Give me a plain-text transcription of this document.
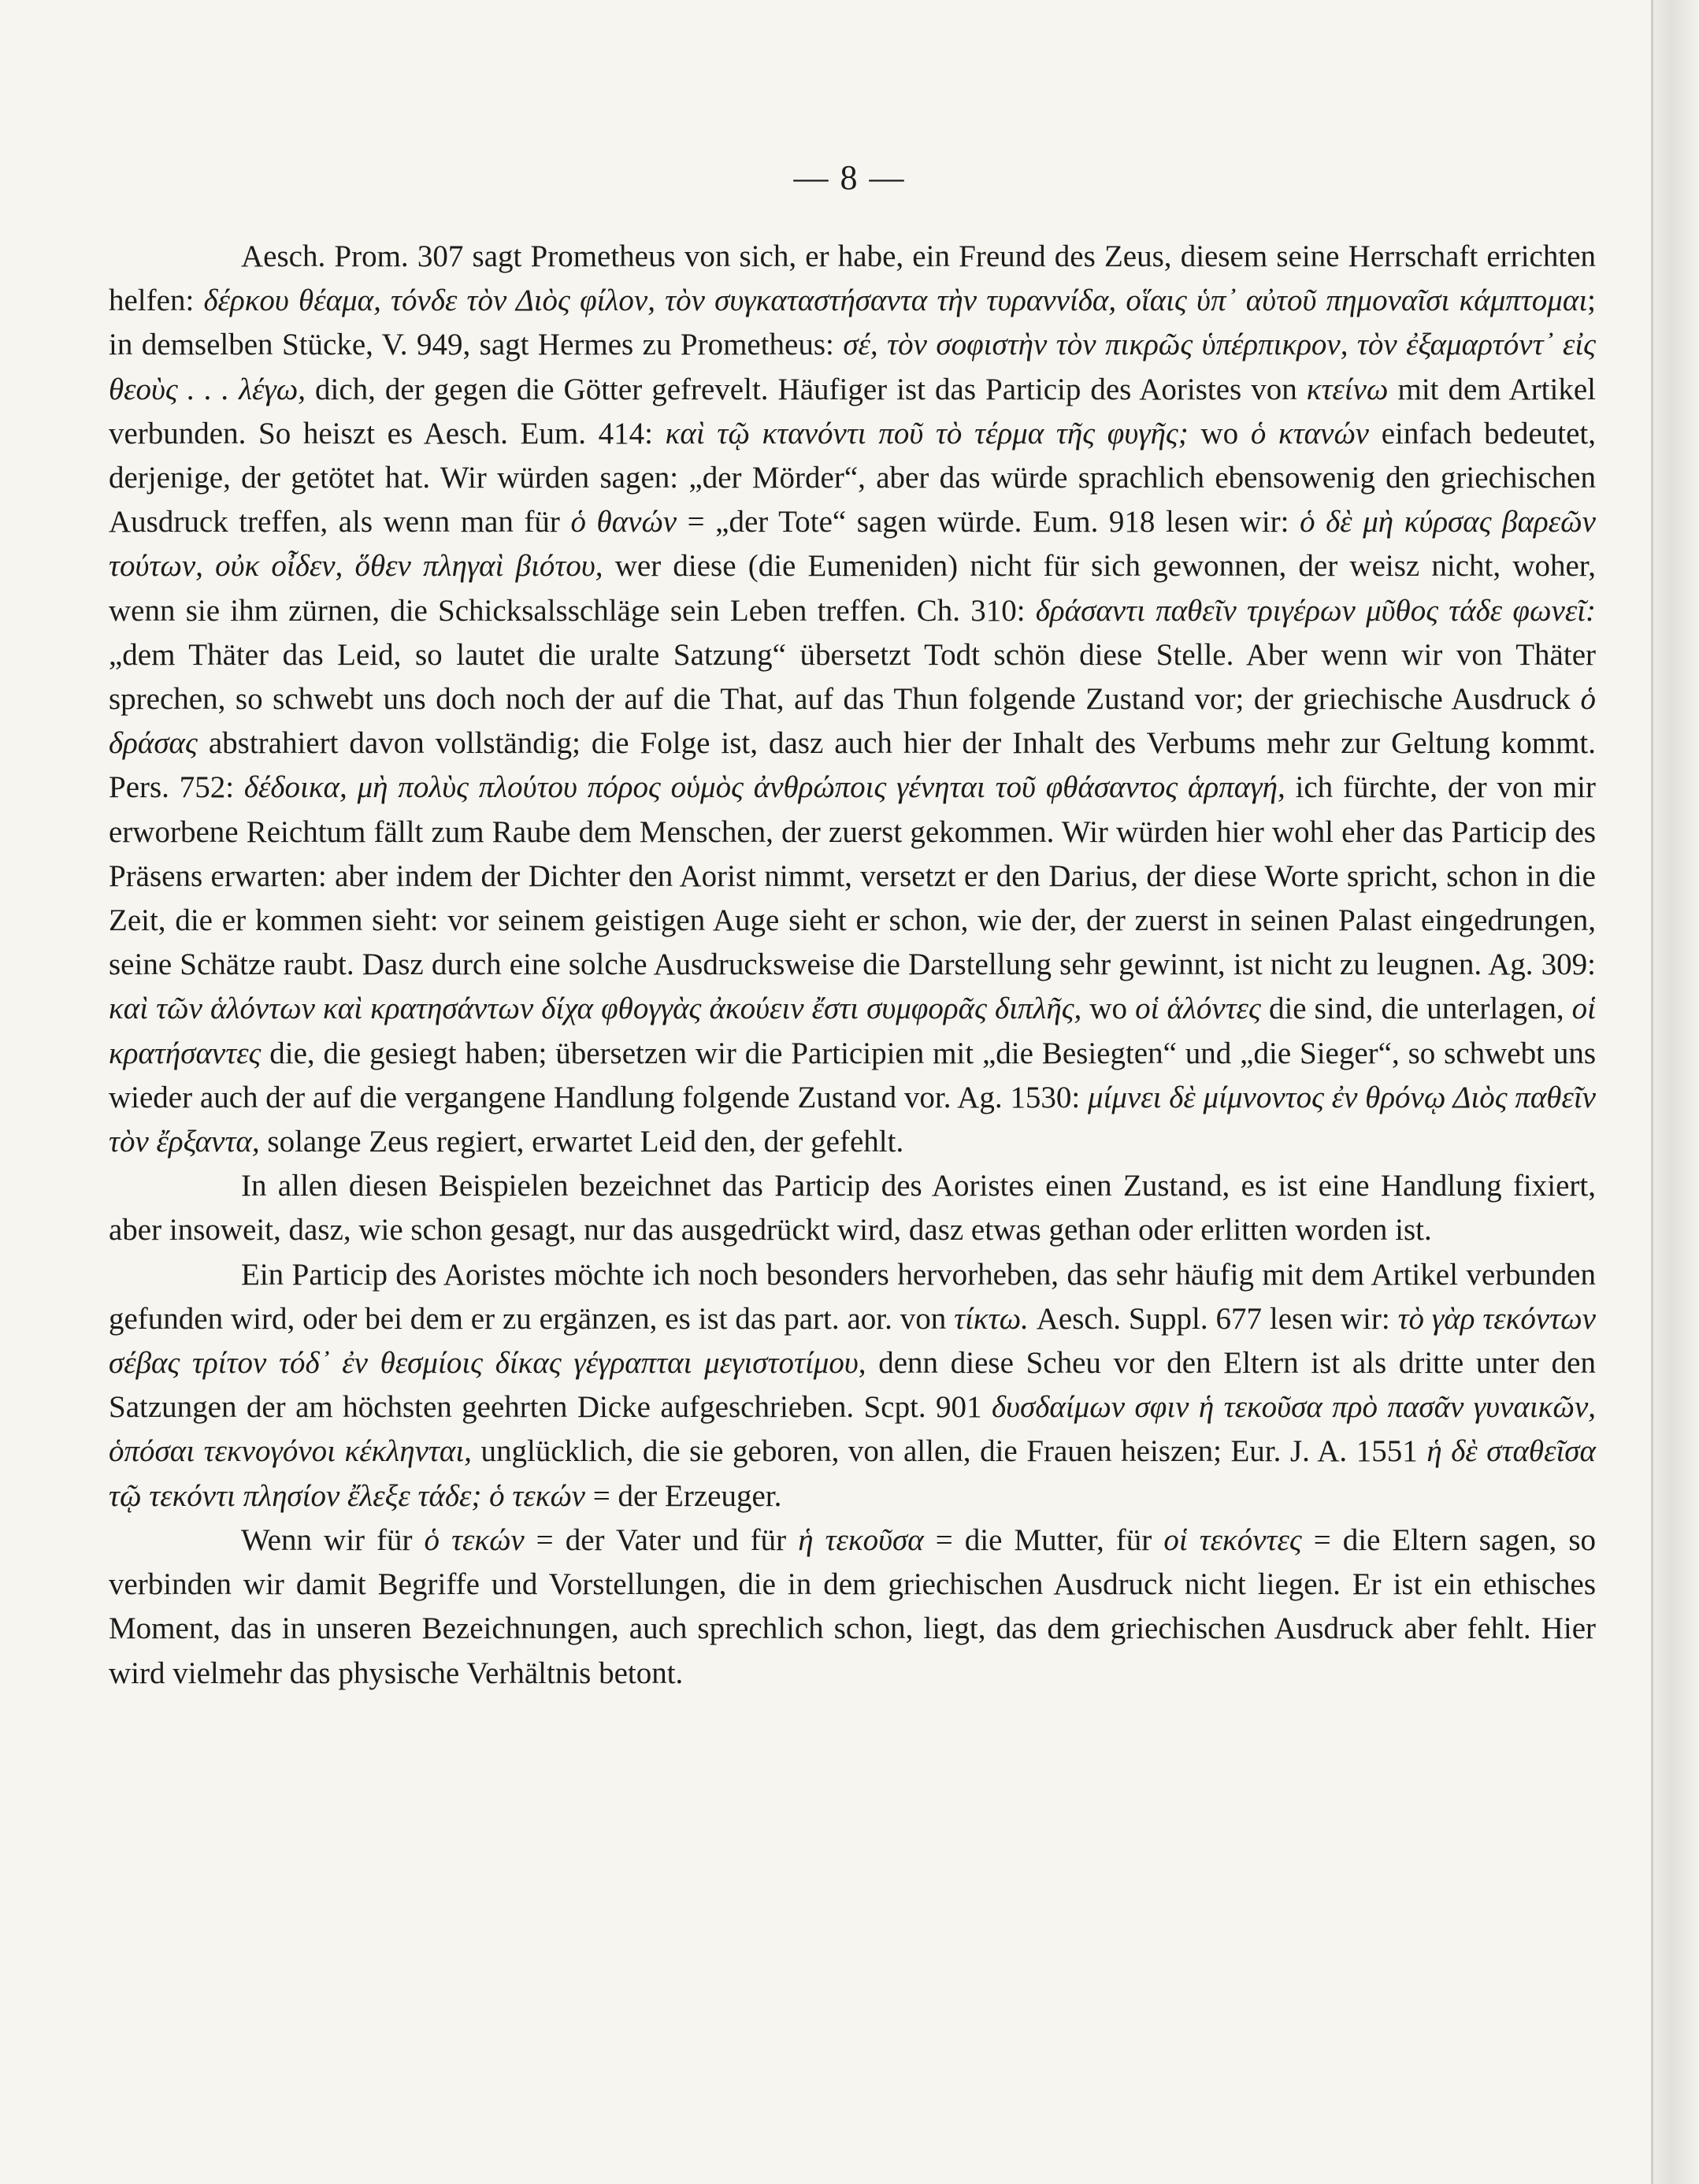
— 8 —

Aesch. Prom. 307 sagt Prometheus von sich, er habe, ein Freund des Zeus, diesem seine Herrschaft errichten helfen: δέρκου θέαμα, τόνδε τὸν Διὸς φίλον, τὸν συγκαταστήσαντα τὴν τυραννίδα, οἵαις ὑπ᾽ αὐτοῦ πημοναῖσι κάμπτομαι; in demselben Stücke, V. 949, sagt Hermes zu Prometheus: σέ, τὸν σοφιστὴν τὸν πικρῶς ὑπέρπικρον, τὸν ἐξαμαρτόντ᾽ εἰς θεοὺς . . . λέγω, dich, der gegen die Götter gefrevelt. Häufiger ist das Particip des Aoristes von κτείνω mit dem Artikel verbunden. So heiszt es Aesch. Eum. 414: καὶ τῷ κτανόντι ποῦ τὸ τέρμα τῆς φυγῆς; wo ὁ κτανών einfach bedeutet, derjenige, der getötet hat. Wir würden sagen: „der Mörder“, aber das würde sprachlich ebensowenig den griechischen Ausdruck treffen, als wenn man für ὁ θανών = „der Tote“ sagen würde. Eum. 918 lesen wir: ὁ δὲ μὴ κύρσας βαρεῶν τούτων, οὐκ οἶδεν, ὅθεν πληγαὶ βιότου, wer diese (die Eumeniden) nicht für sich gewonnen, der weisz nicht, woher, wenn sie ihm zürnen, die Schicksalsschläge sein Leben treffen. Ch. 310: δράσαντι παθεῖν τριγέρων μῦθος τάδε φωνεῖ: „dem Thäter das Leid, so lautet die uralte Satzung“ übersetzt Todt schön diese Stelle. Aber wenn wir von Thäter sprechen, so schwebt uns doch noch der auf die That, auf das Thun folgende Zustand vor; der griechische Ausdruck ὁ δράσας abstrahiert davon vollständig; die Folge ist, dasz auch hier der Inhalt des Verbums mehr zur Geltung kommt. Pers. 752: δέδοικα, μὴ πολὺς πλούτου πόρος οὑμὸς ἀνθρώποις γένηται τοῦ φθάσαντος ἁρπαγή, ich fürchte, der von mir erworbene Reichtum fällt zum Raube dem Menschen, der zuerst gekommen. Wir würden hier wohl eher das Particip des Präsens erwarten: aber indem der Dichter den Aorist nimmt, versetzt er den Darius, der diese Worte spricht, schon in die Zeit, die er kommen sieht: vor seinem geistigen Auge sieht er schon, wie der, der zuerst in seinen Palast eingedrungen, seine Schätze raubt. Dasz durch eine solche Ausdrucksweise die Darstellung sehr gewinnt, ist nicht zu leugnen. Ag. 309: καὶ τῶν ἁλόντων καὶ κρατησάντων δίχα φθογγὰς ἀκούειν ἔστι συμφορᾶς διπλῆς, wo οἱ ἁλόντες die sind, die unterlagen, οἱ κρατήσαντες die, die gesiegt haben; übersetzen wir die Participien mit „die Besiegten“ und „die Sieger“, so schwebt uns wieder auch der auf die vergangene Handlung folgende Zustand vor. Ag. 1530: μίμνει δὲ μίμνοντος ἐν θρόνῳ Διὸς παθεῖν τὸν ἔρξαντα, solange Zeus regiert, erwartet Leid den, der gefehlt.

In allen diesen Beispielen bezeichnet das Particip des Aoristes einen Zustand, es ist eine Handlung fixiert, aber insoweit, dasz, wie schon gesagt, nur das ausgedrückt wird, dasz etwas gethan oder erlitten worden ist.

Ein Particip des Aoristes möchte ich noch besonders hervorheben, das sehr häufig mit dem Artikel verbunden gefunden wird, oder bei dem er zu ergänzen, es ist das part. aor. von τίκτω. Aesch. Suppl. 677 lesen wir: τὸ γὰρ τεκόντων σέβας τρίτον τόδ᾽ ἐν θεσμίοις δίκας γέγραπται μεγιστοτίμου, denn diese Scheu vor den Eltern ist als dritte unter den Satzungen der am höchsten geehrten Dicke aufgeschrieben. Scpt. 901 δυσδαίμων σφιν ἡ τεκοῦσα πρὸ πασᾶν γυναικῶν, ὁπόσαι τεκνογόνοι κέκληνται, unglücklich, die sie geboren, von allen, die Frauen heiszen; Eur. J. A. 1551 ἡ δὲ σταθεῖσα τῷ τεκόντι πλησίον ἔλεξε τάδε; ὁ τεκών = der Erzeuger.

Wenn wir für ὁ τεκών = der Vater und für ἡ τεκοῦσα = die Mutter, für οἱ τεκόντες = die Eltern sagen, so verbinden wir damit Begriffe und Vorstellungen, die in dem griechischen Ausdruck nicht liegen. Er ist ein ethisches Moment, das in unseren Bezeichnungen, auch sprechlich schon, liegt, das dem griechischen Ausdruck aber fehlt. Hier wird vielmehr das physische Verhältnis betont.
